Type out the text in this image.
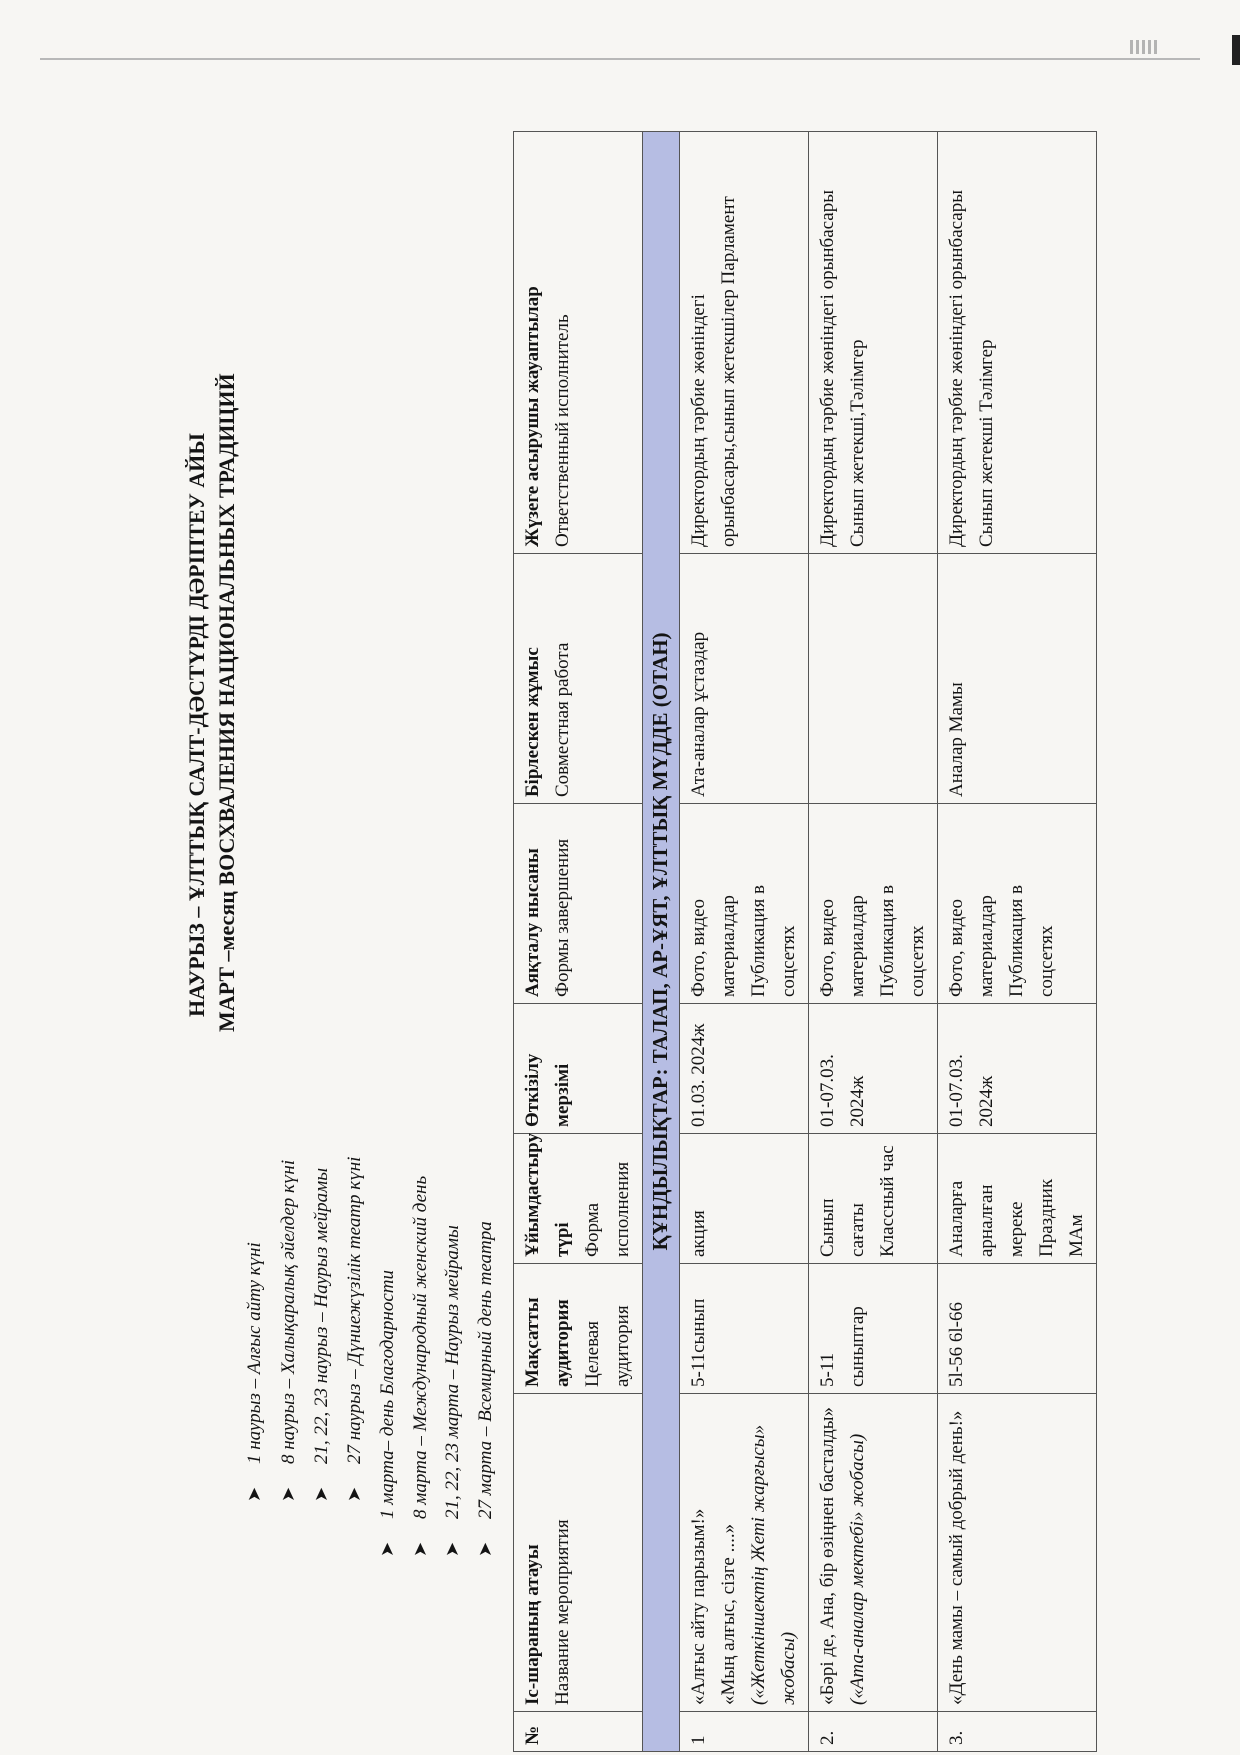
НАУРЫЗ – ҰЛТТЫҚ САЛТ-ДӘСТҮРДІ ДӘРІПТЕУ АЙЫ МАРТ –месяц ВОСХВАЛЕНИЯ НАЦИОНАЛЬНЫХ ТРАДИЦИЙ
➤1 наурыз – Алғыс айту күні
➤8 наурыз – Халықаралық әйелдер күні
➤21, 22, 23 наурыз – Наурыз мейрамы
➤27 наурыз – Дүниежүзілік театр күні
➤1 марта– день Благодарности
➤8 марта – Международный женский день
➤21, 22, 23 марта – Наурыз мейрамы
➤27 марта – Всемирный день театра
№	Іс-шараның атауы Название мероприятия	Мақсатты аудитория Целевая аудитория	Ұйымдастыру түрі Форма исполнения	Өткізілу мерзімі	Аяқталу нысаны Формы завершения	Бірлескен жұмыс Совместная работа	Жүзеге асырушы жауаптылар Ответственный исполнитель

ҚҰНДЫЛЫҚТАР: ТАЛАП, АР-ҰЯТ, ҰЛТТЫҚ МҮДДЕ (ОТАН)							
1	«Алғыс айту парызым!» «Мың алғыс, сізге ....» («Жеткіншектің Жеті жарғысы» жобасы)	5-11сынып	акция	01.03. 2024ж	Фото, видео материалдар Публикация в соцсетях	Ата-аналар ұстаздар	Директордың тәрбие жөніндегі орынбасары,сынып жетекшілер Парламент
2.	«Бәрі де, Ана, бір өзіңнен басталды» («Ата-аналар мектебі» жобасы)	5-11 сыныптар	Сынып сағаты Классный час	01-07.03. 2024ж	Фото, видео материалдар Публикация в соцсетях		Директордың тәрбие жөніндегі орынбасары Сынып жетекші,Тәлімгер
3.	«День мамы – самый добрый день!»	5l-56 6l-66	Аналарға арналған мереке Праздник МАм	01-07.03. 2024ж	Фото, видео материалдар Публикация в соцсетях	Аналар Мамы	Директордың тәрбие жөніндегі орынбасары Сынып жетекші Тәлімгер
